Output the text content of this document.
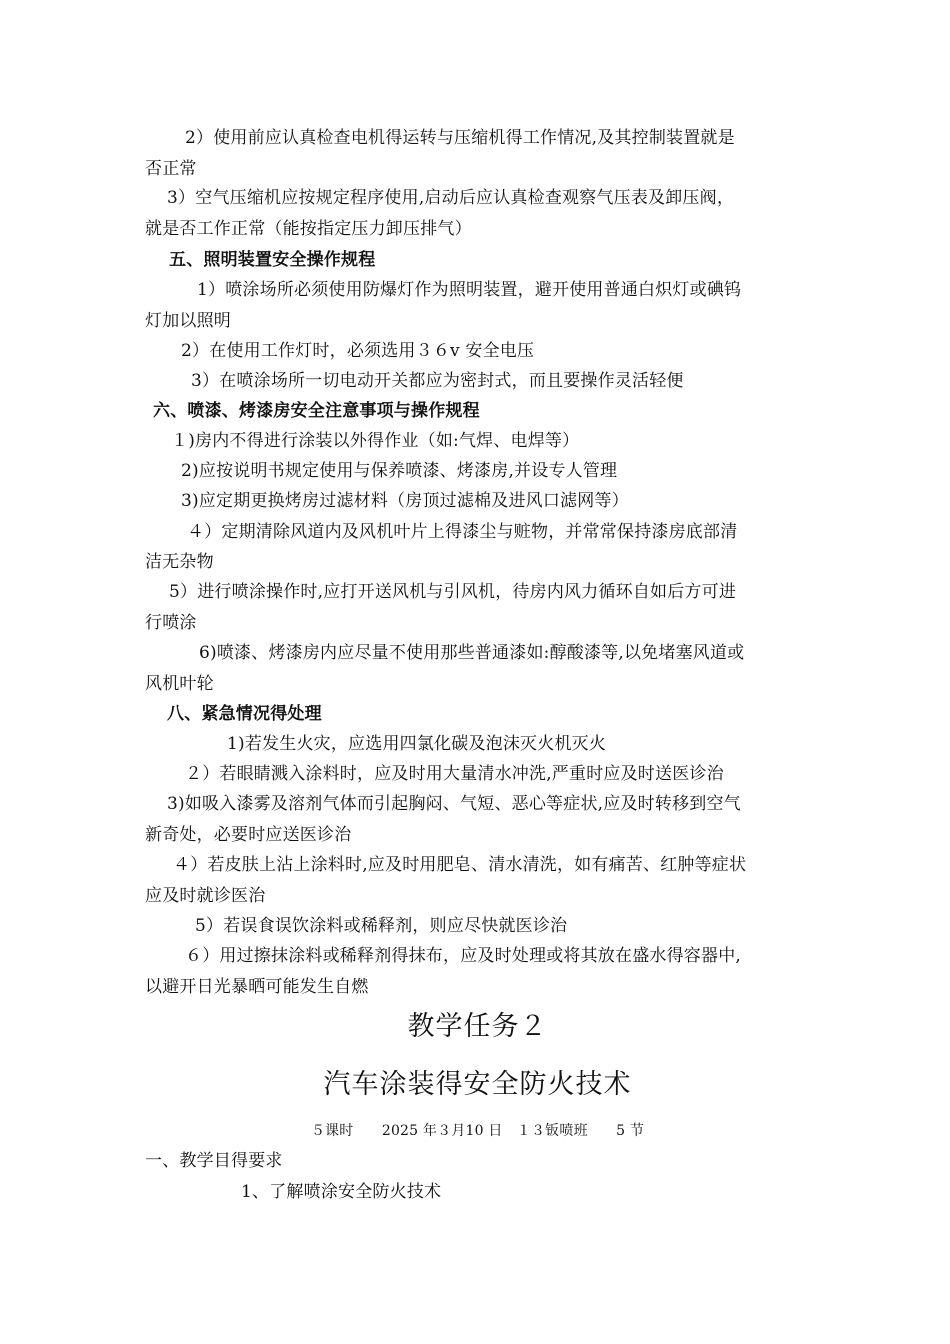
2）使用前应认真检查电机得运转与压缩机得工作情况,及其控制装置就是
否正常
3）空气压缩机应按规定程序使用,启动后应认真检查观察气压表及卸压阀，
就是否工作正常（能按指定压力卸压排气）
五、照明装置安全操作规程
1）喷涂场所必须使用防爆灯作为照明装置，避开使用普通白炽灯或碘钨
灯加以照明
2）在使用工作灯时，必须选用３６v 安全电压
3）在喷涂场所一切电动开关都应为密封式，而且要操作灵活轻便
六、喷漆、烤漆房安全注意事项与操作规程
１)房内不得进行涂装以外得作业（如:气焊、电焊等）
2)应按说明书规定使用与保养喷漆、烤漆房,并设专人管理
3)应定期更换烤房过滤材料（房顶过滤棉及进风口滤网等）
４）定期清除风道内及风机叶片上得漆尘与赃物，并常常保持漆房底部清
洁无杂物
5）进行喷涂操作时,应打开送风机与引风机，待房内风力循环自如后方可进
行喷涂
6)喷漆、烤漆房内应尽量不使用那些普通漆如:醇酸漆等,以免堵塞风道或
风机叶轮
八、紧急情况得处理
1)若发生火灾，应选用四氯化碳及泡沫灭火机灭火
２）若眼睛溅入涂料时，应及时用大量清水冲洗,严重时应及时送医诊治
3)如吸入漆雾及溶剂气体而引起胸闷、气短、恶心等症状,应及时转移到空气
新奇处，必要时应送医诊治
４）若皮肤上沾上涂料时,应及时用肥皂、清水清洗，如有痛苦、红肿等症状
应及时就诊医治
5）若误食误饮涂料或稀释剂，则应尽快就医诊治
６）用过擦抹涂料或稀释剂得抹布，应及时处理或将其放在盛水得容器中,
以避开日光暴晒可能发生自燃
教学任务２
汽车涂装得安全防火技术
５课时　　2025 年３月10 日　１３钣喷班　　5 节
一、教学目得要求
1、了解喷涂安全防火技术
